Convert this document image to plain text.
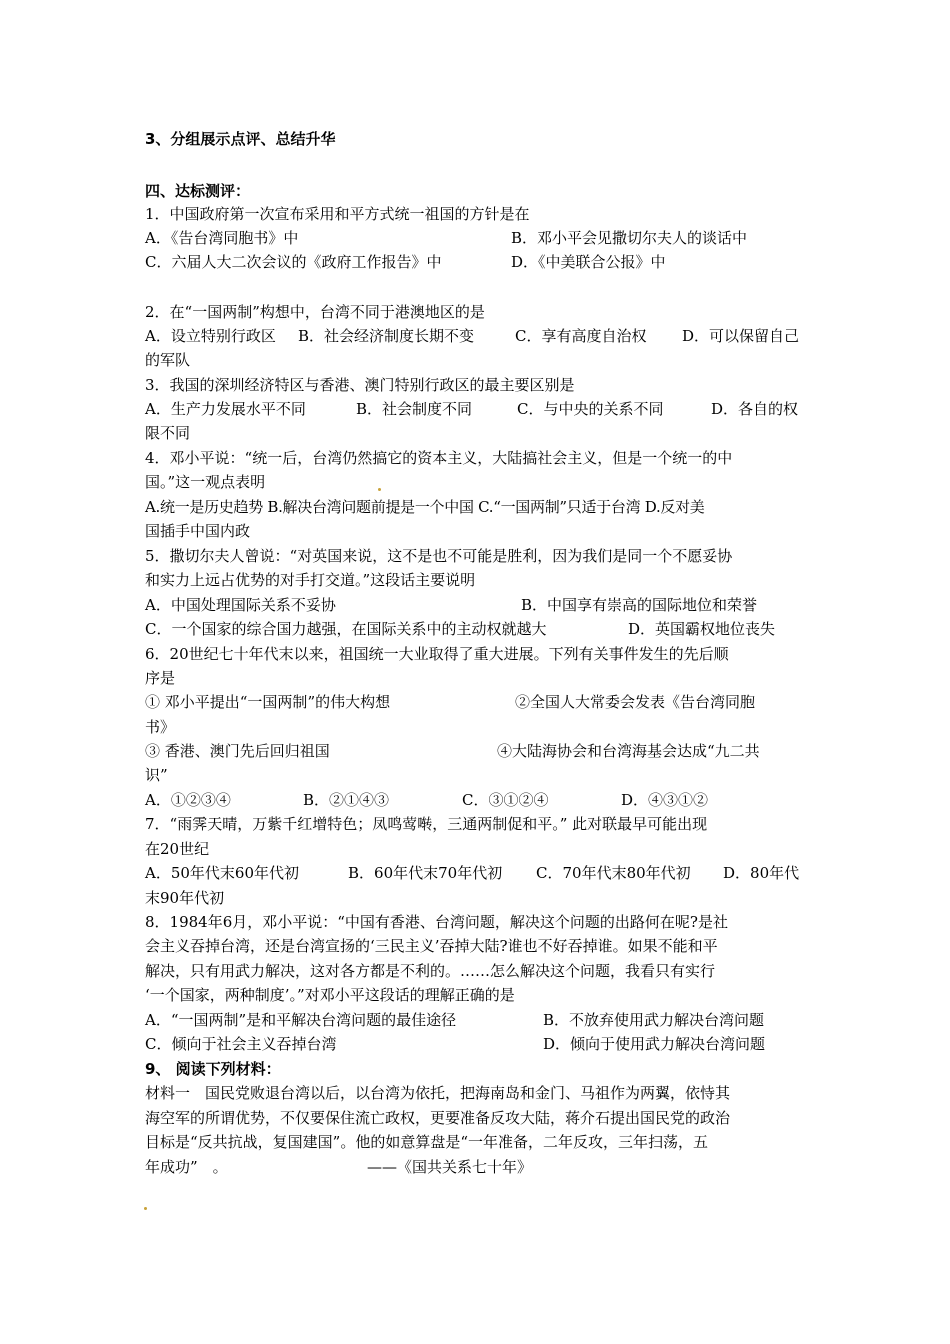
3、分组展示点评、总结升华
四、达标测评：
1．中国政府第一次宣布采用和平方式统一祖国的方针是在
A．《告台湾同胞书》中	B．邓小平会见撒切尔夫人的谈话中
C．六届人大二次会议的《政府工作报告》中	D．《中美联合公报》中
2．在“一国两制”构想中，台湾不同于港澳地区的是
A．设立特别行政区 B．社会经济制度长期不变	C．享有高度自治权 D．可以保留自己
的军队
3．我国的深圳经济特区与香港、澳门特别行政区的最主要区别是
A．生产力发展水平不同	B．社会制度不同	C．与中央的关系不同	D．各自的权
限不同
4．邓小平说：“统一后，台湾仍然搞它的资本主义，大陆搞社会主义，但是一个统一的中
国。”这一观点表明
A.统一是历史趋势 B.解决台湾问题前提是一个中国 C.“一国两制”只适于台湾 D.反对美
国插手中国内政
5．撒切尔夫人曾说：“对英国来说，这不是也不可能是胜利，因为我们是同一个不愿妥协
和实力上远占优势的对手打交道。”这段话主要说明
A．中国处理国际关系不妥协	B．中国享有崇高的国际地位和荣誉
C．一个国家的综合国力越强，在国际关系中的主动权就越大	D．英国霸权地位丧失
6．20世纪七十年代末以来，祖国统一大业取得了重大进展。下列有关事件发生的先后顺
序是
① 邓小平提出“一国两制”的伟大构想	②全国人大常委会发表《告台湾同胞
书》
③ 香港、澳门先后回归祖国	④大陆海协会和台湾海基会达成“九二共
识”
A．①②③④	B．②①④③	C．③①②④	D．④③①②
7．“雨霁天晴，万紫千红增特色；凤鸣莺啭，三通两制促和平。” 此对联最早可能出现
在20世纪
A．50年代末60年代初	B．60年代末70年代初 C．70年代末80年代初 D．80年代
末90年代初
8．1984年6月，邓小平说：“中国有香港、台湾问题，解决这个问题的出路何在呢?是社
会主义吞掉台湾，还是台湾宣扬的‘三民主义’吞掉大陆?谁也不好吞掉谁。如果不能和平
解决，只有用武力解决，这对各方都是不利的。……怎么解决这个问题，我看只有实行
‘一个国家，两种制度’。”对邓小平这段话的理解正确的是
A．“一国两制”是和平解决台湾问题的最佳途径	B．不放弃使用武力解决台湾问题
C．倾向于社会主义吞掉台湾	D．倾向于使用武力解决台湾问题
9、 阅读下列材料：
材料一　国民党败退台湾以后，以台湾为依托，把海南岛和金门、马祖作为两翼，依恃其
海空军的所谓优势，不仅要保住流亡政权，更要准备反攻大陆，蒋介石提出国民党的政治
目标是“反共抗战，复国建国”。他的如意算盘是“一年准备，二年反攻，三年扫荡，五
年成功”　。	——《国共关系七十年》
